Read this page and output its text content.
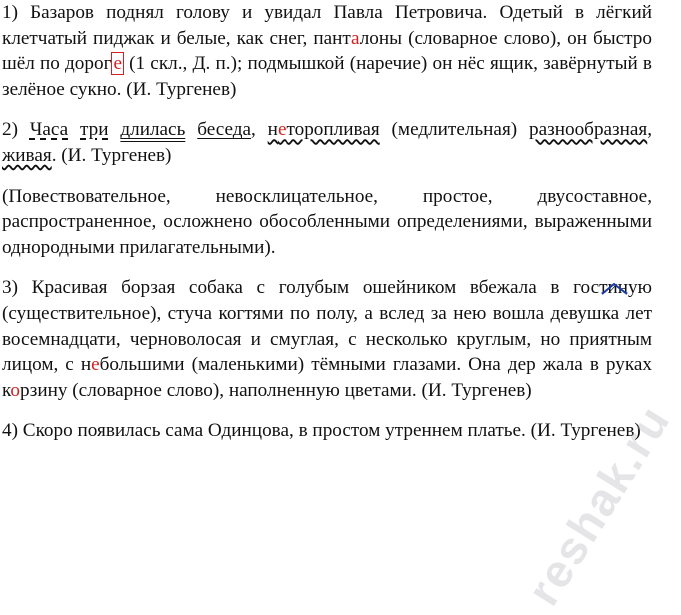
1) Базаров поднял голову и увидал Павла Петровича. Одетый в лёгкий клетчатый пиджак и белые, как снег, панталоны (словарное слово), он быстро шёл по дорог е (1 скл., Д. п.); подмышкой (наречие) он нёс ящик, завёрнутый в зелёное сукно. (И. Тургенев)

2) Часа три длилась беседа, неторопливая (медлительная) разнообразная, живая. (И. Тургенев)

(Повествовательное, невосклицательное, простое, двусоставное, распространенное, осложнено обособленными определениями, выраженными однородными прилагательными).

3) Красивая борзая собака с голубым ошейником вбежала в гостиную (существительное), стуча когтями по полу, а вслед за нею вошла девушка лет восемнадцати, черноволосая и смуглая, с несколько круглым, но приятным лицом, с небольшими (маленькими) тёмными глазами. Она дер жала в руках корзину (словарное слово), наполненную цветами. (И. Тургенев)

4) Скоро появилась сама Одинцова, в простом утреннем платье. (И. Тургенев)

reshak.ru
